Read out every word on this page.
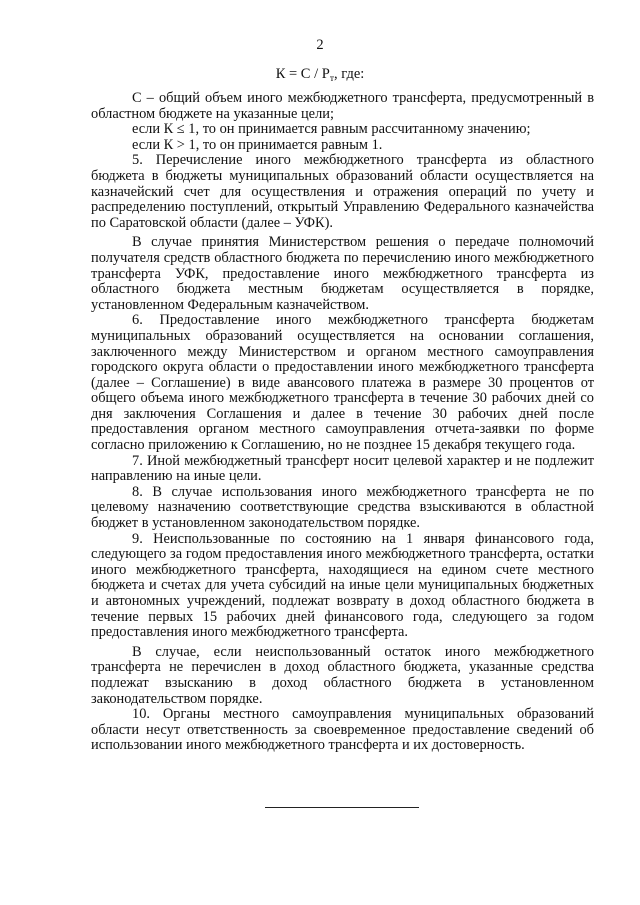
2
$К = С / Р_т$, где:

С – общий объем иного межбюджетного трансферта, предусмотренный в областном бюджете на указанные цели;

если К ≤ 1, то он принимается равным рассчитанному значению;

если К > 1, то он принимается равным 1.

5. Перечисление иного межбюджетного трансферта из областного бюджета в бюджеты муниципальных образований области осуществляется на казначейский счет для осуществления и отражения операций по учету и распределению поступлений, открытый Управлению Федерального казначейства по Саратовской области (далее – УФК).

В случае принятия Министерством решения о передаче полномочий получателя средств областного бюджета по перечислению иного межбюджетного трансферта УФК, предоставление иного межбюджетного трансферта из областного бюджета местным бюджетам осуществляется в порядке, установленном Федеральным казначейством.

6. Предоставление иного межбюджетного трансферта бюджетам муниципальных образований осуществляется на основании соглашения, заключенного между Министерством и органом местного самоуправления городского округа области о предоставлении иного межбюджетного трансферта (далее – Соглашение) в виде авансового платежа в размере 30 процентов от общего объема иного межбюджетного трансферта в течение 30 рабочих дней со дня заключения Соглашения и далее в течение 30 рабочих дней после предоставления органом местного самоуправления отчета-заявки по форме согласно приложению к Соглашению, но не позднее 15 декабря текущего года.

7. Иной межбюджетный трансферт носит целевой характер и не подлежит направлению на иные цели.

8. В случае использования иного межбюджетного трансферта не по целевому назначению соответствующие средства взыскиваются в областной бюджет в установленном законодательством порядке.

9. Неиспользованные по состоянию на 1 января финансового года, следующего за годом предоставления иного межбюджетного трансферта, остатки иного межбюджетного трансферта, находящиеся на едином счете местного бюджета и счетах для учета субсидий на иные цели муниципальных бюджетных и автономных учреждений, подлежат возврату в доход областного бюджета в течение первых 15 рабочих дней финансового года, следующего за годом предоставления иного межбюджетного трансферта.

В случае, если неиспользованный остаток иного межбюджетного трансферта не перечислен в доход областного бюджета, указанные средства подлежат взысканию в доход областного бюджета в установленном законодательством порядке.

10. Органы местного самоуправления муниципальных образований области несут ответственность за своевременное предоставление сведений об использовании иного межбюджетного трансферта и их достоверность.
